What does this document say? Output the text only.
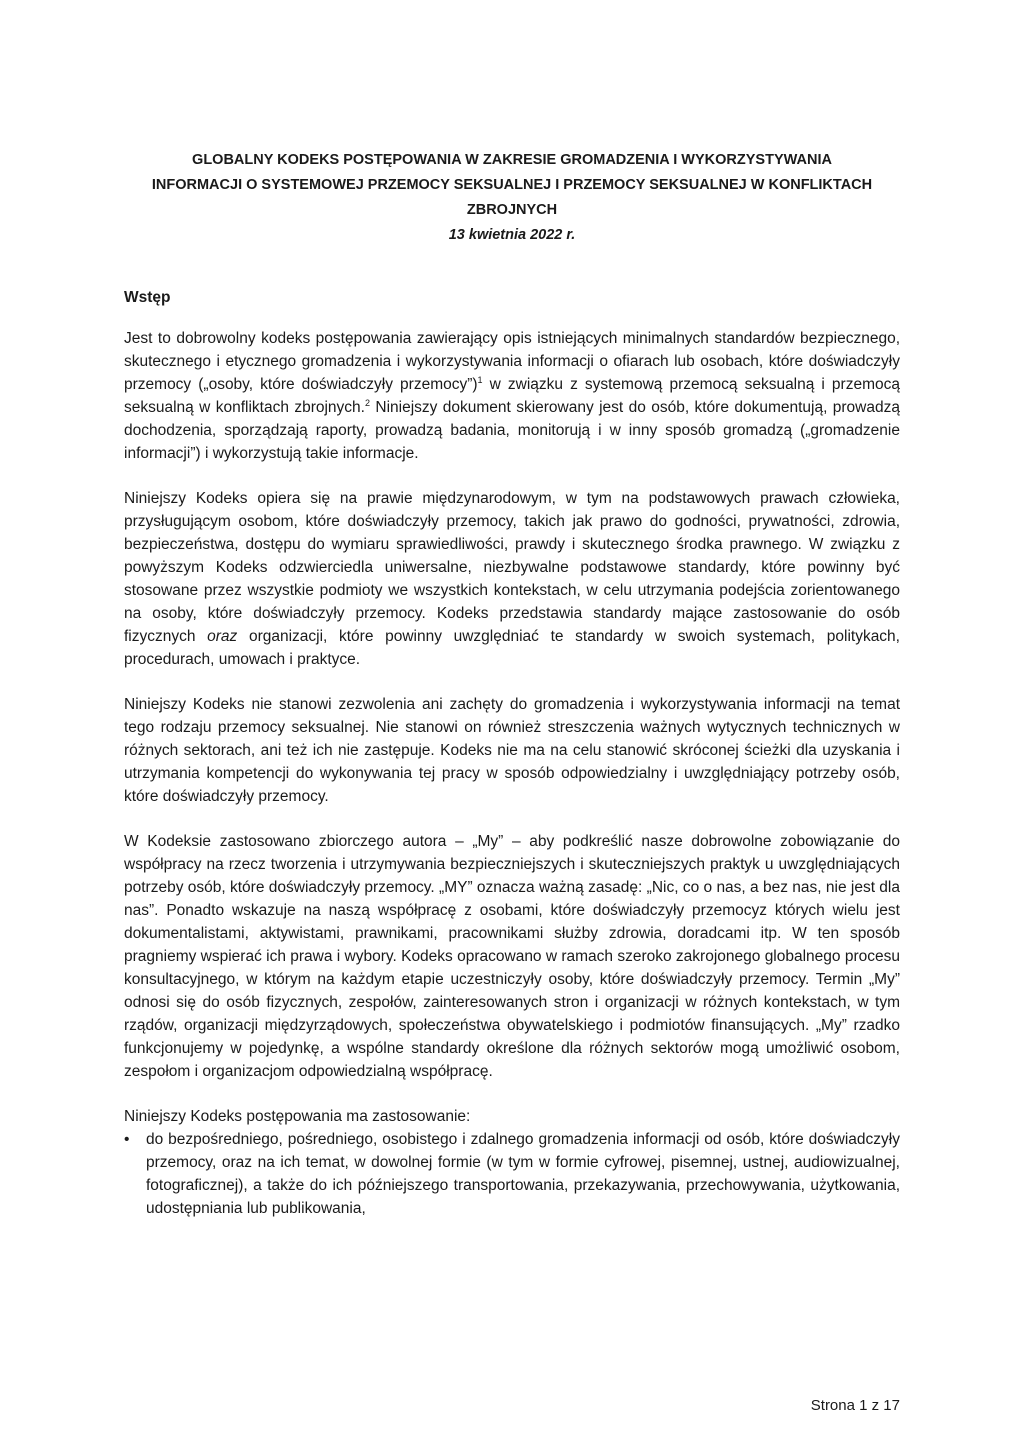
GLOBALNY KODEKS POSTĘPOWANIA W ZAKRESIE GROMADZENIA I WYKORZYSTYWANIA
INFORMACJI O SYSTEMOWEJ PRZEMOCY SEKSUALNEJ I PRZEMOCY SEKSUALNEJ W KONFLIKTACH
ZBROJNYCH
13 kwietnia 2022 r.
Wstęp

Jest to dobrowolny kodeks postępowania zawierający opis istniejących minimalnych standardów bezpiecznego, skutecznego i etycznego gromadzenia i wykorzystywania informacji o ofiarach lub osobach, które doświadczyły przemocy („osoby, które doświadczyły przemocy”)$^1$ w związku z systemową przemocą seksualną i przemocą seksualną w konfliktach zbrojnych.$^2$ Niniejszy dokument skierowany jest do osób, które dokumentują, prowadzą dochodzenia, sporządzają raporty, prowadzą badania, monitorują i w inny sposób gromadzą („gromadzenie informacji”) i wykorzystują takie informacje.

Niniejszy Kodeks opiera się na prawie międzynarodowym, w tym na podstawowych prawach człowieka, przysługującym osobom, które doświadczyły przemocy, takich jak prawo do godności, prywatności, zdrowia, bezpieczeństwa, dostępu do wymiaru sprawiedliwości, prawdy i skutecznego środka prawnego. W związku z powyższym Kodeks odzwierciedla uniwersalne, niezbywalne podstawowe standardy, które powinny być stosowane przez wszystkie podmioty we wszystkich kontekstach, w celu utrzymania podejścia zorientowanego na osoby, które doświadczyły przemocy. Kodeks przedstawia standardy mające zastosowanie do osób fizycznych oraz organizacji, które powinny uwzględniać te standardy w swoich systemach, politykach, procedurach, umowach i praktyce.

Niniejszy Kodeks nie stanowi zezwolenia ani zachęty do gromadzenia i wykorzystywania informacji na temat tego rodzaju przemocy seksualnej. Nie stanowi on również streszczenia ważnych wytycznych technicznych w różnych sektorach, ani też ich nie zastępuje. Kodeks nie ma na celu stanowić skróconej ścieżki dla uzyskania i utrzymania kompetencji do wykonywania tej pracy w sposób odpowiedzialny i uwzględniający potrzeby osób, które doświadczyły przemocy.

W Kodeksie zastosowano zbiorczego autora – „My” – aby podkreślić nasze dobrowolne zobowiązanie do współpracy na rzecz tworzenia i utrzymywania bezpieczniejszych i skuteczniejszych praktyk u uwzględniających potrzeby osób, które doświadczyły przemocy. „MY” oznacza ważną zasadę: „Nic, co o nas, a bez nas, nie jest dla nas”. Ponadto wskazuje na naszą współpracę z osobami, które doświadczyły przemocyz których wielu jest dokumentalistami, aktywistami, prawnikami, pracownikami służby zdrowia, doradcami itp. W ten sposób pragniemy wspierać ich prawa i wybory. Kodeks opracowano w ramach szeroko zakrojonego globalnego procesu konsultacyjnego, w którym na każdym etapie uczestniczyły osoby, które doświadczyły przemocy. Termin „My” odnosi się do osób fizycznych, zespołów, zainteresowanych stron i organizacji w różnych kontekstach, w tym rządów, organizacji międzyrządowych, społeczeństwa obywatelskiego i podmiotów finansujących. „My” rzadko funkcjonujemy w pojedynkę, a wspólne standardy określone dla różnych sektorów mogą umożliwić osobom, zespołom i organizacjom odpowiedzialną współpracę.

Niniejszy Kodeks postępowania ma zastosowanie:

• do bezpośredniego, pośredniego, osobistego i zdalnego gromadzenia informacji od osób, które doświadczyły przemocy, oraz na ich temat, w dowolnej formie (w tym w formie cyfrowej, pisemnej, ustnej, audiowizualnej, fotograficznej), a także do ich późniejszego transportowania, przekazywania, przechowywania, użytkowania, udostępniania lub publikowania,
Strona 1 z 17
